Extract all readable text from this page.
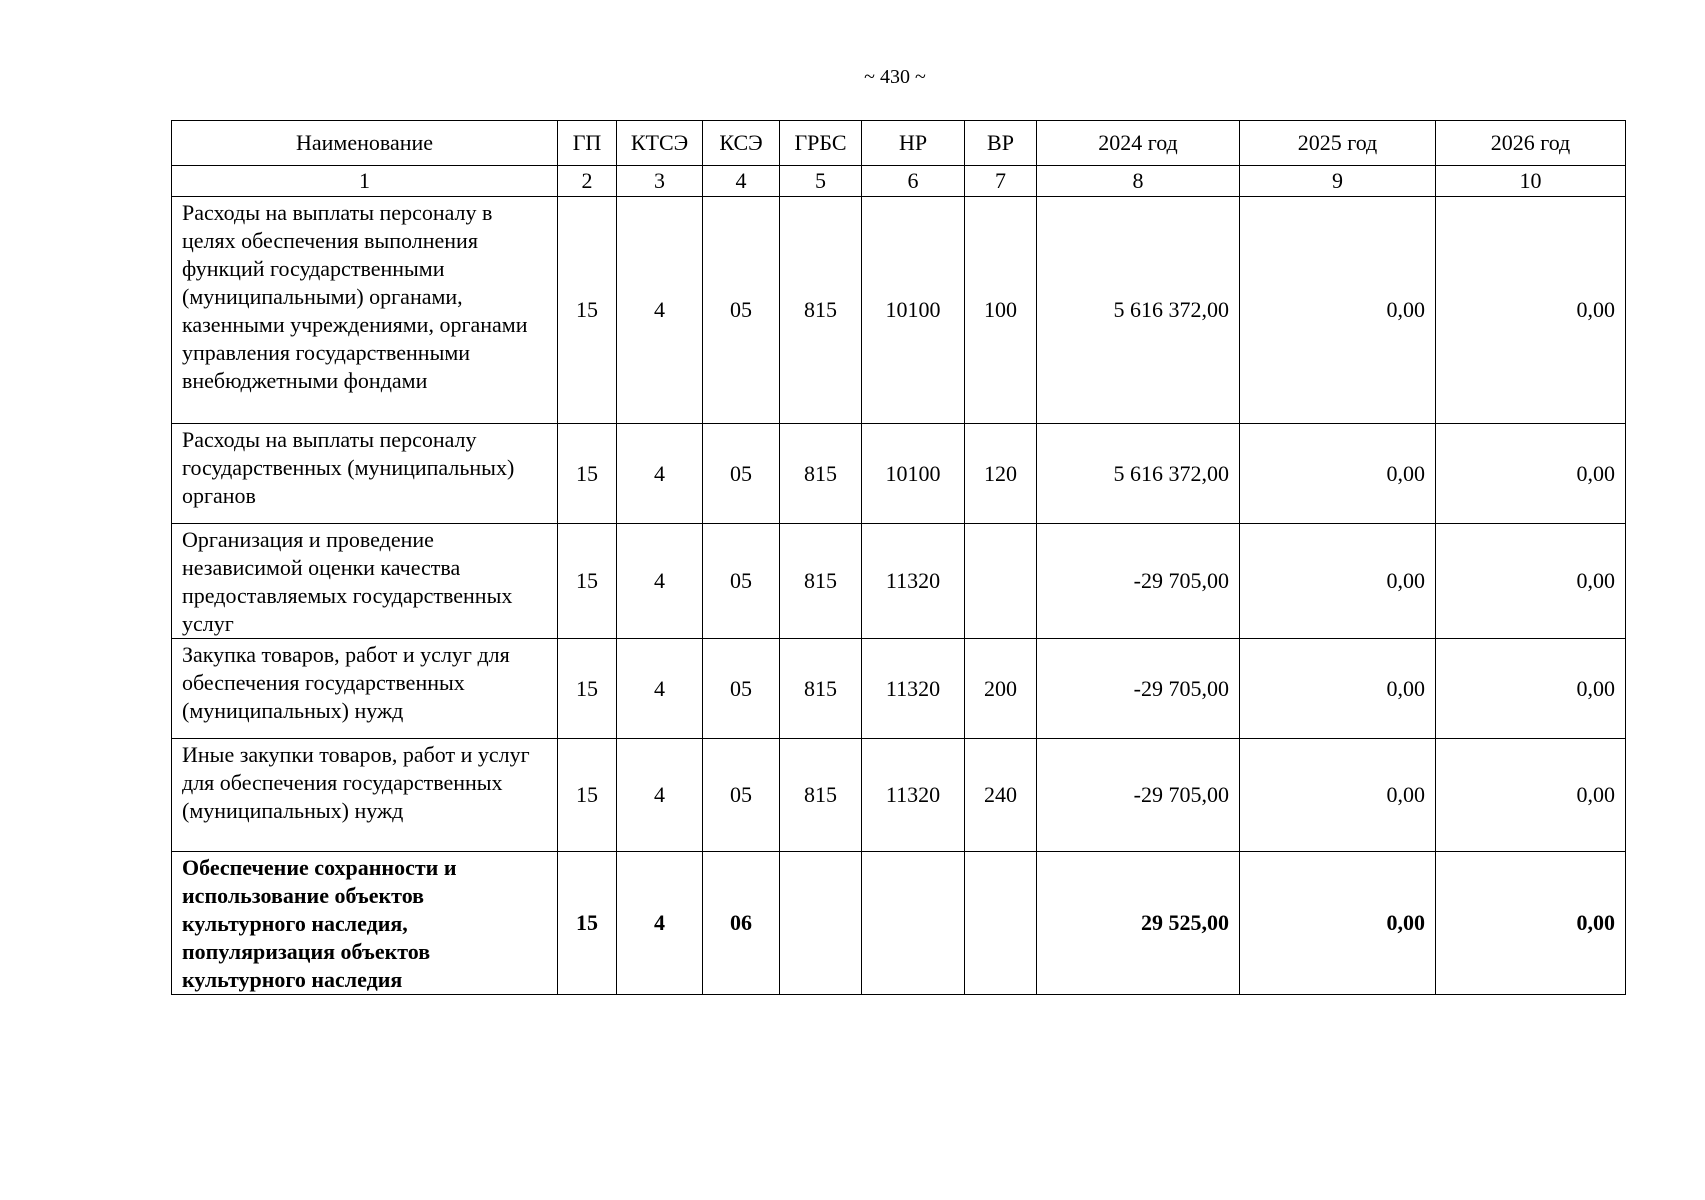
~ 430 ~
Наименование	ГП	КТСЭ	КСЭ	ГРБС	НР	ВР	2024 год	2025 год	2026 год
1	2	3	4	5	6	7	8	9	10
Расходы на выплаты персоналу в целях обеспечения выполнения функций государственными (муниципальными) органами, казенными учреждениями, органами управления государственными внебюджетными фондами	15	4	05	815	10100	100	5 616 372,00	0,00	0,00
Расходы на выплаты персоналу государственных (муниципальных) органов	15	4	05	815	10100	120	5 616 372,00	0,00	0,00
Организация и проведение независимой оценки качества предоставляемых государственных услуг	15	4	05	815	11320		-29 705,00	0,00	0,00
Закупка товаров, работ и услуг для обеспечения государственных (муниципальных) нужд	15	4	05	815	11320	200	-29 705,00	0,00	0,00
Иные закупки товаров, работ и услуг для обеспечения государственных (муниципальных) нужд	15	4	05	815	11320	240	-29 705,00	0,00	0,00
Обеспечение сохранности и использование объектов культурного наследия, популяризация объектов культурного наследия	15	4	06				29 525,00	0,00	0,00
